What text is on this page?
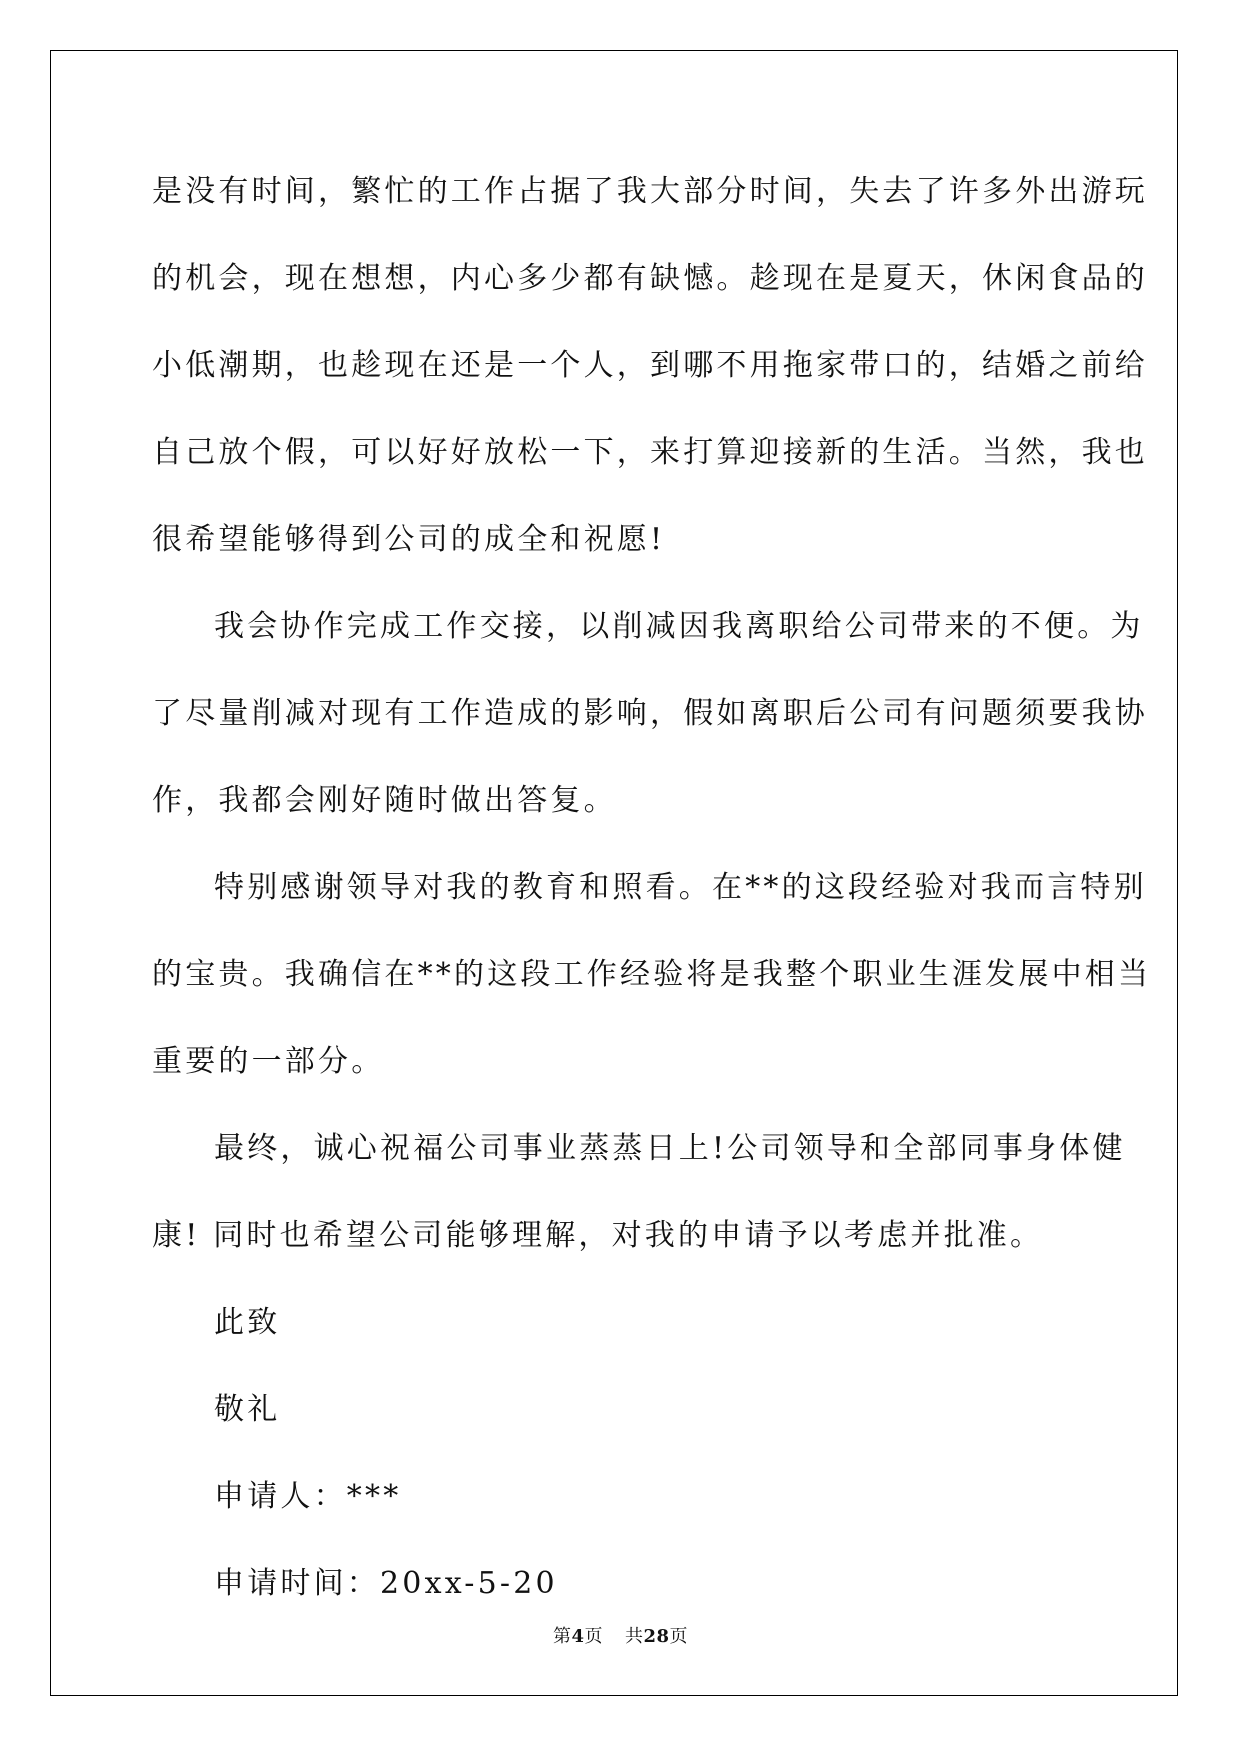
是没有时间，繁忙的工作占据了我大部分时间，失去了许多外出游玩
的机会，现在想想，内心多少都有缺憾。趁现在是夏天，休闲食品的
小低潮期，也趁现在还是一个人，到哪不用拖家带口的，结婚之前给
自己放个假，可以好好放松一下，来打算迎接新的生活。当然，我也
很希望能够得到公司的成全和祝愿!
我会协作完成工作交接，以削减因我离职给公司带来的不便。为
了尽量削减对现有工作造成的影响，假如离职后公司有问题须要我协
作，我都会刚好随时做出答复。
特别感谢领导对我的教育和照看。在**的这段经验对我而言特别
的宝贵。我确信在**的这段工作经验将是我整个职业生涯发展中相当
重要的一部分。
最终，诚心祝福公司事业蒸蒸日上!公司领导和全部同事身体健
康! 同时也希望公司能够理解，对我的申请予以考虑并批准。
此致
敬礼
申请人：***
申请时间：20xx-5-20
第4页 共28页
